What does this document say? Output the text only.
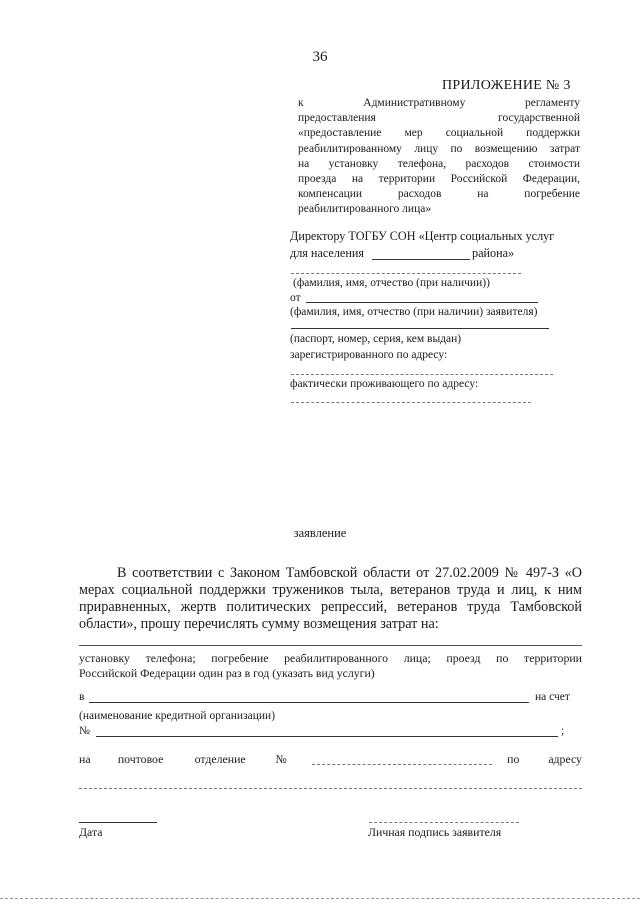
36
ПРИЛОЖЕНИЕ № 3
к Административному регламенту
предоставления государственной
«предоставление мер социальной поддержки
реабилитированному лицу по возмещению затрат
на установку телефона, расходов стоимости
проезда на территории Российской Федерации,
компенсации расходов на погребение
реабилитированного лица»
Директору ТОГБУ СОН «Центр социальных услуг
для населения	района»
(фамилия, имя, отчество (при наличии))
от
(фамилия, имя, отчество (при наличии) заявителя)
(паспорт, номер, серия, кем выдан)
зарегистрированного по адресу:
фактически проживающего по адресу:
заявление
В соответствии с Законом Тамбовской области от 27.02.2009 № 497-З «О
мерах социальной поддержки тружеников тыла, ветеранов труда и лиц, к ним
приравненных, жертв политических репрессий, ветеранов труда Тамбовской
области», прошу перечислять сумму возмещения затрат на:
установку телефона; погребение реабилитированного лица; проезд по территории
Российской Федерации один раз в год (указать вид услуги)
в	на счет
(наименование кредитной организации)
№	;
на	почтовое	отделение	№	по	адресу
Дата	Личная подпись заявителя
